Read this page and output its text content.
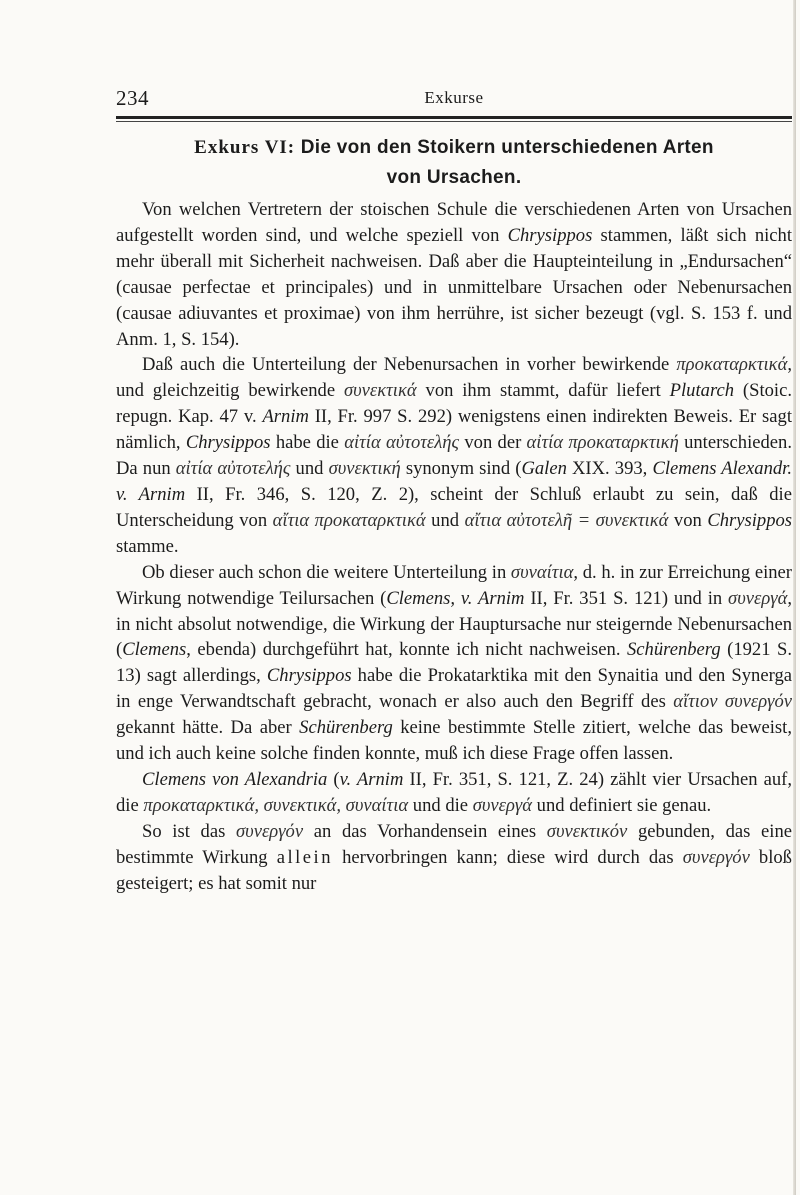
234	Exkurse
Exkurs VI: Die von den Stoikern unterschiedenen Arten
von Ursachen.

Von welchen Vertretern der stoischen Schule die verschiedenen Arten von Ursachen aufgestellt worden sind, und welche speziell von Chrysippos stammen, läßt sich nicht mehr überall mit Sicherheit nachweisen. Daß aber die Haupteinteilung in „Endursachen“ (causae perfectae et principales) und in unmittelbare Ursachen oder Nebenursachen (causae adiuvantes et proximae) von ihm herrühre, ist sicher bezeugt (vgl. S. 153 f. und Anm. 1, S. 154).

Daß auch die Unterteilung der Nebenursachen in vorher bewirkende προκαταρκτικά, und gleichzeitig bewirkende συνεκτικά von ihm stammt, dafür liefert Plutarch (Stoic. repugn. Kap. 47 v. Arnim II, Fr. 997 S. 292) wenigstens einen indirekten Beweis. Er sagt nämlich, Chrysippos habe die αἰτία αὐτοτελής von der αἰτία προκαταρκτική unterschieden. Da nun αἰτία αὐτοτελής und συνεκτική synonym sind (Galen XIX. 393, Clemens Alexandr. v. Arnim II, Fr. 346, S. 120, Z. 2), scheint der Schluß erlaubt zu sein, daß die Unterscheidung von αἴτια προκαταρκτικά und αἴτια αὐτοτελῆ = συνεκτικά von Chrysippos stamme.

Ob dieser auch schon die weitere Unterteilung in συναίτια, d. h. in zur Erreichung einer Wirkung notwendige Teilursachen (Clemens, v. Arnim II, Fr. 351 S. 121) und in συνεργά, in nicht absolut notwendige, die Wirkung der Hauptursache nur steigernde Nebenursachen (Clemens, ebenda) durchgeführt hat, konnte ich nicht nachweisen. Schürenberg (1921 S. 13) sagt allerdings, Chrysippos habe die Prokatarktika mit den Synaitia und den Synerga in enge Verwandtschaft gebracht, wonach er also auch den Begriff des αἴτιον συνεργόν gekannt hätte. Da aber Schürenberg keine bestimmte Stelle zitiert, welche das beweist, und ich auch keine solche finden konnte, muß ich diese Frage offen lassen.

Clemens von Alexandria (v. Arnim II, Fr. 351, S. 121, Z. 24) zählt vier Ursachen auf, die προκαταρκτικά, συνεκτικά, συναίτια und die συνεργά und definiert sie genau.

So ist das συνεργόν an das Vorhandensein eines συνεκτικόν gebunden, das eine bestimmte Wirkung allein hervorbringen kann; diese wird durch das συνεργόν bloß gesteigert; es hat somit nur
